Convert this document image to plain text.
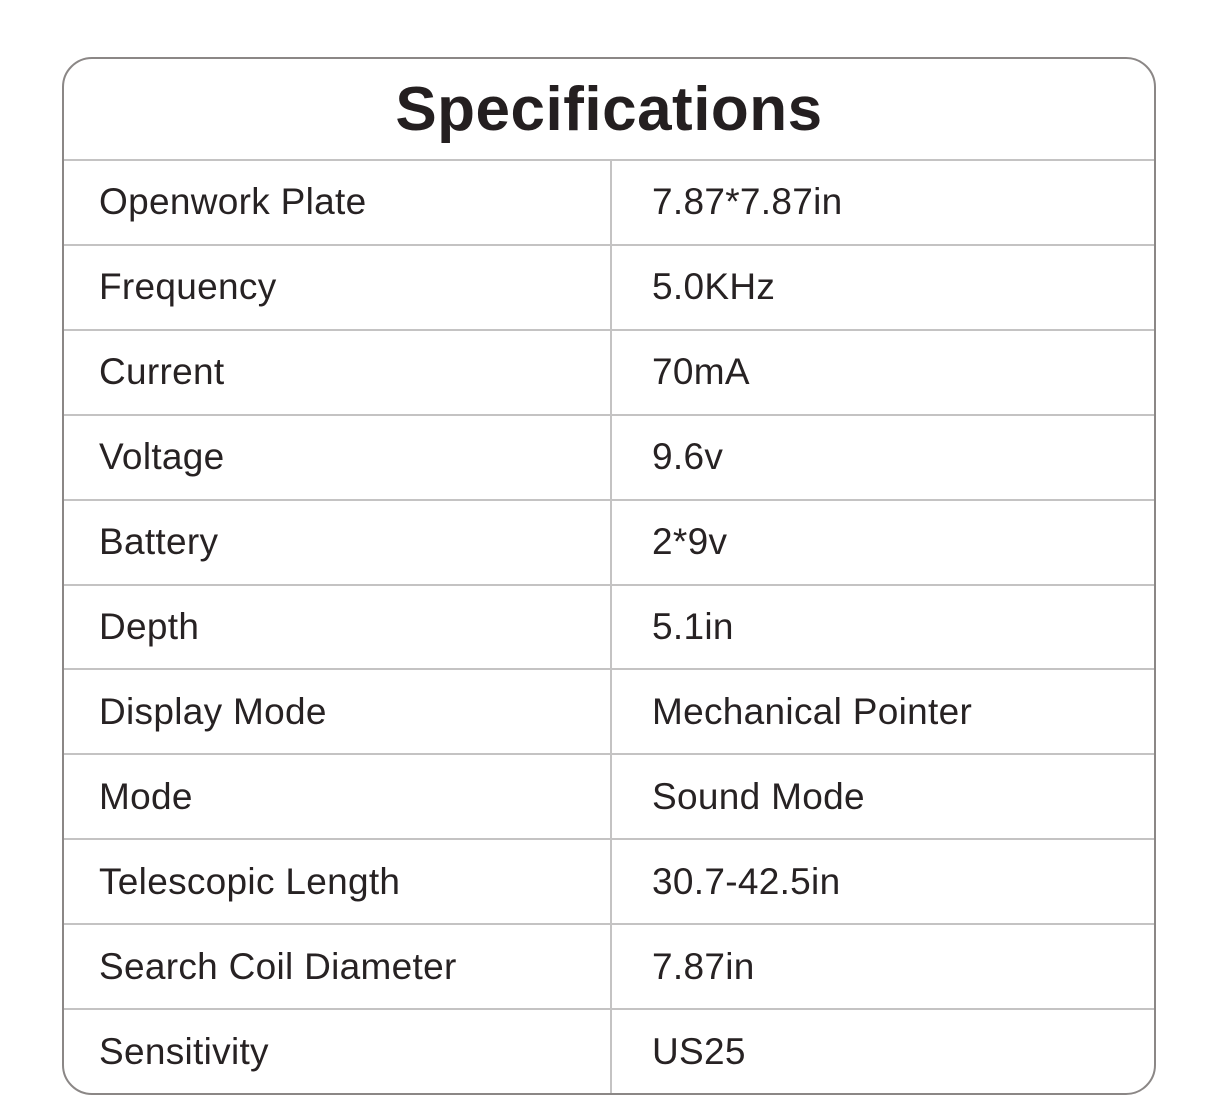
Specifications
Openwork Plate	7.87*7.87in
Frequency	5.0KHz
Current	70mA
Voltage	9.6v
Battery	2*9v
Depth	5.1in
Display Mode	Mechanical Pointer
Mode	Sound Mode
Telescopic Length	30.7-42.5in
Search Coil Diameter	7.87in
Sensitivity	US25
